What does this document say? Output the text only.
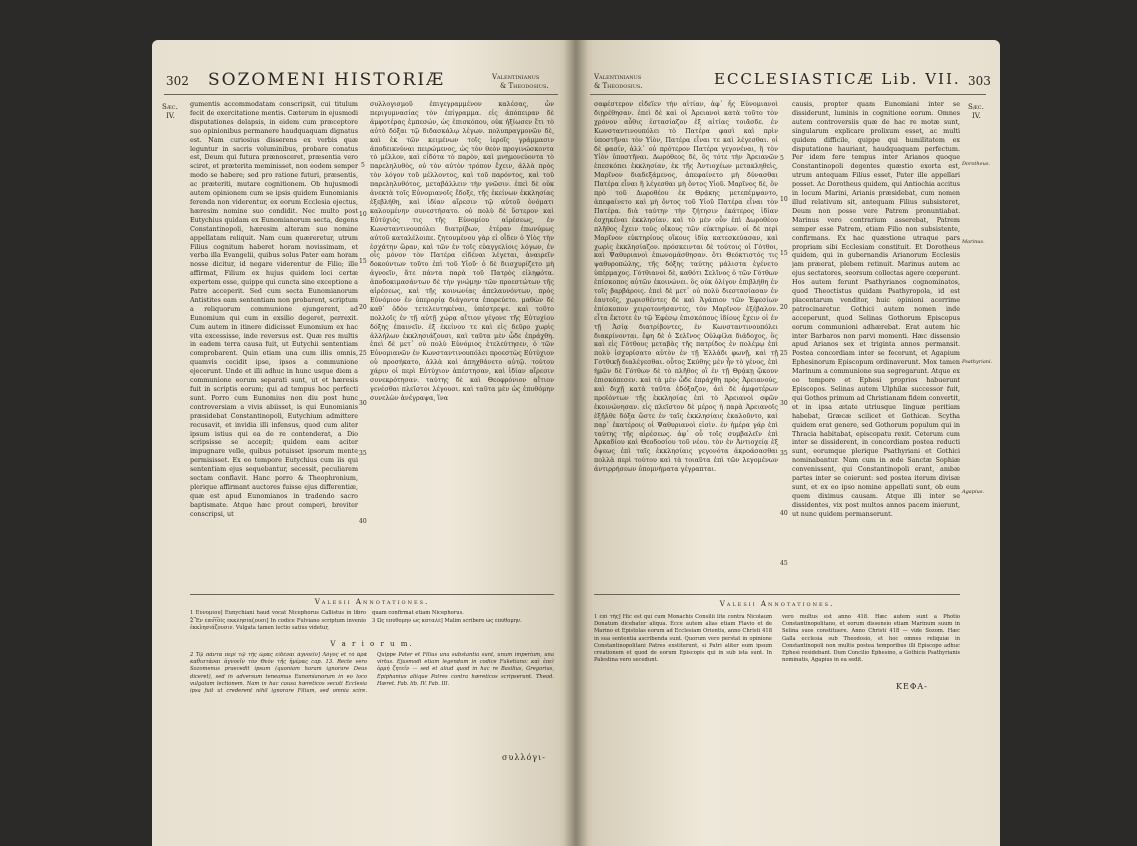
302 SOZOMENI HISTORIÆ	Valentinianus
& Theodosius.
Sæc.
IV.
gumentis accommodatam conscripsit, cui titulum fecit de exercitatione mentis. Cæterum in ejusmodi disputationes delapsis, in eidem cum præceptore suo opinionibus permanere haudquaquam dignatus est. Nam curiosius disserens ex verbis quæ leguntur in sacris voluminibus, probare conatus est, Deum qui futura prænosceret, præsentia vero sciret, et præterita meminisset, non eodem semper modo se habere; sed pro ratione futuri, præsentis, ac præteriti, mutare cognitionem. Ob hujusmodi autem opinionem cum se ipsis quidem Eunomianis ferenda non viderentur, ex eorum Ecclesia ejectus, hæresim nomine suo condidit. Nec multo post Eutychius quidam ex Eunomianorum secta, degens Constantinopoli, hæresim alteram suo nomine appellatam reliquit. Nam cum quæreretur, utrum Filius cognitum haberet horam novissimam, et verba illa Evangelii, quibus solus Pater eam horam nosse dicitur, id negare viderentur de Filio; ille affirmat, Filium ex hujus quidem loci certæ expertem esse, quippe qui cuncta sine exceptione a Patre acceperit. Sed cum secta Eunomianorum Antistites eam sententiam non probarent, scriptum a reliquorum communione ejungerent, ad Eunomium qui cum in exsilio degeret, perrexit. Cum autem in itinere didicisset Eunomium ex hac vita excessisse, inde reversus est. Quæ res multis in eadem terra causa fuit, ut Eutychii sententiam comprobarent. Quin etiam una cum illis omnis, quamvis cecidit ipse, ipsos a communione ejecerunt. Unde et illi adhuc in hunc usque diem a communione eorum separati sunt, ut et hæresis fuit in scriptis eorum; qui ad tempus hoc perfecti sunt. Porro cum Eunomius non diu post hunc controversiam a vivis abiisset, is qui Eunomianis præsidebat Constantinopoli, Eutychium admittere recusavit, et invidia illi infensus, quod cum aliter ipsum istius qui ea de re contenderat, a Dio scripsisse se accepit; quidem eam aciter impugnare velle, quibus potuisset ipsorum mente permisisset. Ex eo tempore Eutychius cum iis qui sententiam ejus sequebantur, secessit, peculiarem sectam conflavit. Hanc porro & Theophronium, plerique affirmant auctores fuisse ejus differentiæ, quæ est apud Eunomianos in tradendo sacro baptismate. Atque hæc prout comperi, breviter conscripsi, ut
5
10
15
20
25
30
35
40
συλλογισμοῦ ἐπιγεγραμμένον καλέσας, ὧν περιγυμνασίας τὸν ἐπίγραμμα. εἰς ἀπόπειραν δὲ ἀμφοτέρας ἐμπεσών, ὡς ἐπισκόπου, οὐκ ἠξίωσεν ἔτι τὸ αὐτὸ δόξαι τῷ διδασκάλῳ λέγων. πολυπραγμονῶν δὲ, καὶ ἐκ τῶν κειμένων τοῖς ἱεροῖς γράμμασιν ἀποδεικνύναι πειρώμενος, ὡς τὸν θεὸν προγινώσκοντα τὸ μέλλον, καὶ εἰδότα τὸ παρὸν, καὶ μνημονεύοντα τὸ παρεληλυθὸς, οὐ τὸν αὐτὸν τρόπον ἔχειν, ἀλλὰ πρὸς τὸν λόγον τοῦ μέλλοντος, καὶ τοῦ παρόντος, καὶ τοῦ παρεληλυθότος, μεταβάλλειν τὴν γνῶσιν. ἐπεὶ δὲ οὐκ ἀνεκτὰ τοῖς Εὐνομιανοῖς ἔδοξε, τῆς ἐκείνων ἐκκλησίας ἐξεβλήθη, καὶ ἰδίαν αἵρεσιν τῷ αὐτοῦ ὀνόματι καλουμένην συνεστήσατο. οὐ πολὺ δὲ ὕστερον καὶ Εὐτύχιός τις τῆς Εὐνομίου αἱρέσεως, ἐν Κωνσταντινουπόλει διατρίβων, ἑτέραν ἐπωνύμως αὐτοῦ καταλέλοιπε. ζητουμένου γὰρ εἰ οἶδεν ὁ Υἱὸς τὴν ἐσχάτην ὥραν, καὶ τῶν ἐν τοῖς εὐαγγελίοις λόγων, ἐν οἷς μόνον τὸν Πατέρα εἰδέναι λέγεται, ἀναιρεῖν δοκούντων τοῦτο ἐπὶ τοῦ Υἱοῦ· ὁ δὲ διισχυρίζετο μὴ ἀγνοεῖν, ἅτε πάντα παρὰ τοῦ Πατρὸς εἰληφότα. ἀποδοκιμασάντων δὲ τὴν γνώμην τῶν προεστώτων τῆς αἱρέσεως, καὶ τῆς κοινωνίας ἀπελαυνόντων, πρὸς Εὐνόμιον ἐν ὑπερορίᾳ διάγοντα ἐπορεύετο. μαθὼν δὲ καθ᾽ ὁδὸν τετελευτηκέναι, ὑπέστρεψε. καὶ τοῦτο πολλοῖς ἐν τῇ αὐτῇ χώρᾳ αἴτιον γέγονε τῆς Εὐτυχίου δόξης ἐπαινεῖν. ἐξ ἐκείνου τε καὶ εἰς δεῦρο χωρὶς ἀλλήλων ἐκκλησιάζουσι, καὶ ταῦτα μὲν ὧδε ἐπράχθη. ἐπεὶ δὲ μετ᾽ οὐ πολὺ Εὐνόμιος ἐτελεύτησεν, ὁ τῶν Εὐνομιανῶν ἐν Κωνσταντινουπόλει προεστὼς Εὐτύχιον οὐ προσήκατο, ἀλλὰ καὶ ἀπηχθάνετο αὐτῷ. τούτου χάριν οἱ περὶ Εὐτύχιον ἀπέστησαν, καὶ ἰδίαν αἵρεσιν συνεκρότησαν. ταύτης δὲ καὶ Θεοφρόνιον αἴτιον γενέσθαι πλεῖστοι λέγουσι. καὶ ταῦτα μὲν ὡς ἐπυθόμην συνελὼν ἀνέγραψα, ἵνα
Valesii Annotationes.
1 Εὐνομίου] Eunychiani haud vocat Nicephorus Callistus in libro
2 Ἐν ἑαυτοῖς ἐκκλησίαζουσι] In codice Fulviano scriptum invenio ἐκκλησιάζουσιν. Vulgata tamen lectio satius videtur,
quam confirmat etiam Nicephorus.
3 Ὡς ἐπύθομην ὡς καταλέ] Malim scribere ὡς ἐπύθομην.
V a r i o r u m.
2 Τῷ πάντα περὶ τῷ τῆς ὥρας εἰδέναι ἀγνοεῖν] Λόγος et τὸ ἀρὰ καθιστάναι ἀγνοεῖν τὸν Θεὸν τῆς ἡμέρας cap. 13. Recte vero Sozomenus praecedit ipsum (quoniam horam ignorare Deus diceret), sed in adversum teneamus Eunomianorum in eo loco vulgatam lectionem. Nam in hac causa hæreticos secuti Ecclesia ipsa fuit ut crederent nihil ignorare Filium, sed omnia scire. Quippe Pater et Filius una substantia sunt, unum imperium, una virtus. Ejusmodi etiam legendum in codice Fuketiano: καὶ ἐπεὶ ὁρμὴ ζητεῖν — sed et aliud quod in hac re Basilius, Gregorius, Epiphanius aliique Patres contra hæreticos scripserunt. Theod. Hæret. Fab. lib. IV. Fab. III.
συλλόγι-
Valentinianus
& Theodosius.	ECCLESIASTICÆ Lib. VII. 303
Sæc.
IV.
σαφέστερον εἰδεῖεν τὴν αἰτίαν, ἀφ᾽ ἧς Εὐνομιανοὶ διῃρέθησαν. ἐπεὶ δὲ καὶ οἱ Ἀρειανοὶ κατὰ τοῦτο τὸν χρόνον αὖθις ἐστασίαζον ἐξ αἰτίας τοιᾶσδε. ἐν Κωνσταντινουπόλει τὸ Πατέρα φασὶ καὶ πρὶν ὑποστῆναι τὸν Υἱὸν, Πατέρα εἶναι τε καὶ λέγεσθαι. οἱ δὲ φασίν, ἀλλ᾽ οὐ πρότερον Πατέρα γεγονέναι, ἢ τὸν Υἱὸν ὑποστῆναι. Δωρόθεος δὲ, ὃς τότε τὴν Ἀρειανῶν ἐπεσκόπει ἐκκλησίαν, ἐκ τῆς Ἀντιοχέων μετακληθεὶς, Μαρῖνον διαδεξάμενος, ἀπεφαίνετο μὴ δύνασθαι Πατέρα εἶναι ἢ λέγεσθαι μὴ ὄντος Υἱοῦ. Μαρῖνος δὲ, ὃν πρὸ τοῦ Δωροθέου ἐκ Θρᾴκης μετεπέμψαντο, ἀπεφαίνετο καὶ μὴ ὄντος τοῦ Υἱοῦ Πατέρα εἶναι τὸν Πατέρα. διὰ ταύτην τὴν ζήτησιν ἑκάτερος ἰδίαν ἐσχηκέναι ἐκκλησίαν. καὶ τὸ μὲν οὖν ἐπὶ Δωροθέου πλῆθος ἔχειν τοὺς οἴκους τῶν εὐκτηρίων. οἱ δὲ περὶ Μαρῖνον εὐκτηρίους οἴκους ἰδίᾳ κατεσκεύασαν, καὶ χωρὶς ἐκκλησίαζον. πρόσκεινται δὲ τούτοις οἱ Γότθοι, καὶ Ψαθυριανοὶ ἐπωνομάσθησαν. ὅτι Θεόκτιστός τις ψαθυροπώλης, τῆς δόξης ταύτης μάλιστα ἐγένετο ὑπέρμαχος. Γότθιανοὶ δὲ, καθότι Σελῖνος ὁ τῶν Γότθων ἐπίσκοπος αὐτῶν ἐκοινώνει. ὃς οὐκ ὀλίγον ἐπιβλήθη ἐν τοῖς βαρβάροις. ἐπεὶ δὲ μετ᾽ οὐ πολὺ διεστασίασαν ἐν ἑαυτοῖς, χωρισθέντες δὲ καὶ Ἀγάπιον τῶν Ἐφεσίων ἐπίσκοπον χειροτονήσαντες, τὸν Μαρῖνον ἐξέβαλον. εἶτα ἔκτοτε ἐν τῷ Ἐφέσῳ ἐπισκόπους ἰδίους ἔχειν οἱ ἐν τῇ Ἀσίᾳ διατρίβοντες, ἐν Κωνσταντινουπόλει διακρίνονται. ἔφη δὲ ὁ Σελῖνος Οὐλφίλα διάδοχος, ὃς καὶ εἰς Γότθους μεταβὰς τῆς πατρίδος ἐν πολέμῳ ἐπὶ πολὺ ἰσχυρίσατο αὐτὸν ἐν τῇ Ἑλλάδι φωνῇ, καὶ τῇ Γοτθικῇ διαλέγεσθαι. οὗτος Σκύθης μὲν ἦν τὸ γένος, ἐπὶ ἡμῶν δὲ Γότθων δὲ τὸ πλῆθος οἳ ἐν τῇ Θρᾴκῃ ᾤκουν ἐπισκόπεσεν. καὶ τὰ μὲν ὧδε ἐπράχθη πρὸς Ἀρειανούς, καὶ διχῇ κατὰ ταῦτα ἐδόξαζον, ἀεὶ δὲ ἀμφοτέρων προϊόντων τῆς ἐκκλησίας ἐπὶ τὸ Ἀρειανοὶ σφῶν ἐκοινώνησαν. εἰς πλεῖστον δὲ μέρος ἡ παρὰ Ἀρειανοῖς ἐξῆλθε δόξα ὥστε ἐν ταῖς ἐκκλησίαις ἐκαλοῦντο, καὶ παρ᾽ ἑκατέροις οἱ Ψαθυριανοὶ εἰσὶν. ἐν ἡμέρα γάρ ἐπὶ ταύτης τῆς αἱρέσεως. ἀφ᾽ οὗ τοῖς συμβαλεῖν ἐπὶ Ἀρκαδίου καὶ Θεοδοσίου τοῦ νέου. τὸν ἐν Ἀντιοχείᾳ ἐξ ὄψεως ἐπὶ ταῖς ἐκκλησίαις γεγονότα ἀκροάσασθαι πολλὰ περὶ τούτου καὶ τὰ τοιαῦτα ἐπὶ τῶν λεγομένων ἀντιρρήσεων ὑπομνήματα γέγραπται.
5
10
15
20
25
30
35
40
45
causis, propter quam Eunomiani inter se dissiderunt, luminis in cognitione eorum. Omnes autem controversiis quæ de hac re motæ sunt, singularum explicare prolixum esset, ac multi quidem difficile, quippe qui humilitatem ex disputatione hauriant, haudquaquam perfectum. Per idem fere tempus inter Arianos quoque Constantinopoli degentes quæstio exorta est, utrum antequam Filius esset, Pater ille appellari posset. Ac Dorotheus quidem, qui Antiochia accitus in locum Marini, Arianis præsidebat, cum nomen illud relativum sit, antequam Filius subsisteret, Deum non posse vere Patrem pronuntiabat. Marinus vero contrarium asserebat, Patrem semper esse Patrem, etiam Filio non subsistente, confirmans. Ex hac quæstione utraque pars propriam sibi Ecclesiam constituit. Et Dorotheus quidem, qui in gubernandis Arianorum Ecclesiis jam præerat, plebem retinuit. Marinus autem ac ejus sectatores, seorsum collectas agere cœperunt. Hos autem ferunt Psathyrianos cognominatos, quod Theoctistus quidam Psathyropola, id est placentarum venditor, huic opinioni acerrime patrocinaretur. Gothici autem nomen inde acceperunt, quod Selinas Gothorum Episcopus eorum communioni adhærebat. Erat autem hic inter Barbaros non parvi momenti. Hæc dissensio apud Arianos sex et triginta annos permansit. Postea concordiam inter se fecerunt, et Agapium Ephesinorum Episcopum ordinaverunt. Mox tamen Marinum a communione sua segregarunt. Atque ex eo tempore et Ephesi proprios habuerunt Episcopos. Selinas autem Ulphilæ successor fuit, qui Gothos primum ad Christianam fidem convertit, et in ipsa ætate utriusque linguæ peritiam habebat, Græcæ scilicet et Gothicæ. Scytha quidem erat genere, sed Gothorum populum qui in Thracia habitabat, episcopatu rexit. Ceterum cum inter se dissiderent, in concordiam postea reducti sunt, eorumque plerique Psathyriani et Gothici nominabantur. Nam cum in æde Sanctæ Sophiæ convenissent, qui Constantinopoli erant, ambæ partes inter se coierunt: sed postea iterum divisæ sunt, et ex eo ipso nomine appellati sunt, ob eum quem diximus causam. Atque illi inter se dissidentes, vix post multos annos pacem inierunt, ut nunc quidem permanserunt.
Dorotheus.
Marinus.
Psathyriani.
Agapius.
Valesii Annotationes.
1 ἐπὶ τῆς] Hic est qui cum Monachis Consilii lite contra Nicolaum Donatum dicebatur aliqua. Ecce autem alias etiam Flavio et de Marino et Epistolas eorum ad Ecclesiam Orientis, anno Christi 418 in sua sententia ascribenda sunt. Quorum vero perstat in opinione Constantinopolitani Patres exstiterunt, si Patri aliter eum ipsum creationem et quod de eorum Episcopis qui in sub ista sunt. In Palestina vero secedunt.
vero multus est anno 418. Hæc autem sunt a Photio Constantinopolitano, et eorum dissensio etiam Marinum suum in Selina suos constituere. Anno Christi 418 — vide Sozom. Hæc Galla ecclesia sub Theodosio, et hoc omnes reliquiæ in Constantinopoli non multis postea temporibus illi Episcopo adhuc Ephesi residebant. Dum Concilio Ephesino, a Gothicis Psathyrianis nominatis, Agapius in ea sedit.
ΚΕΦΑ-
